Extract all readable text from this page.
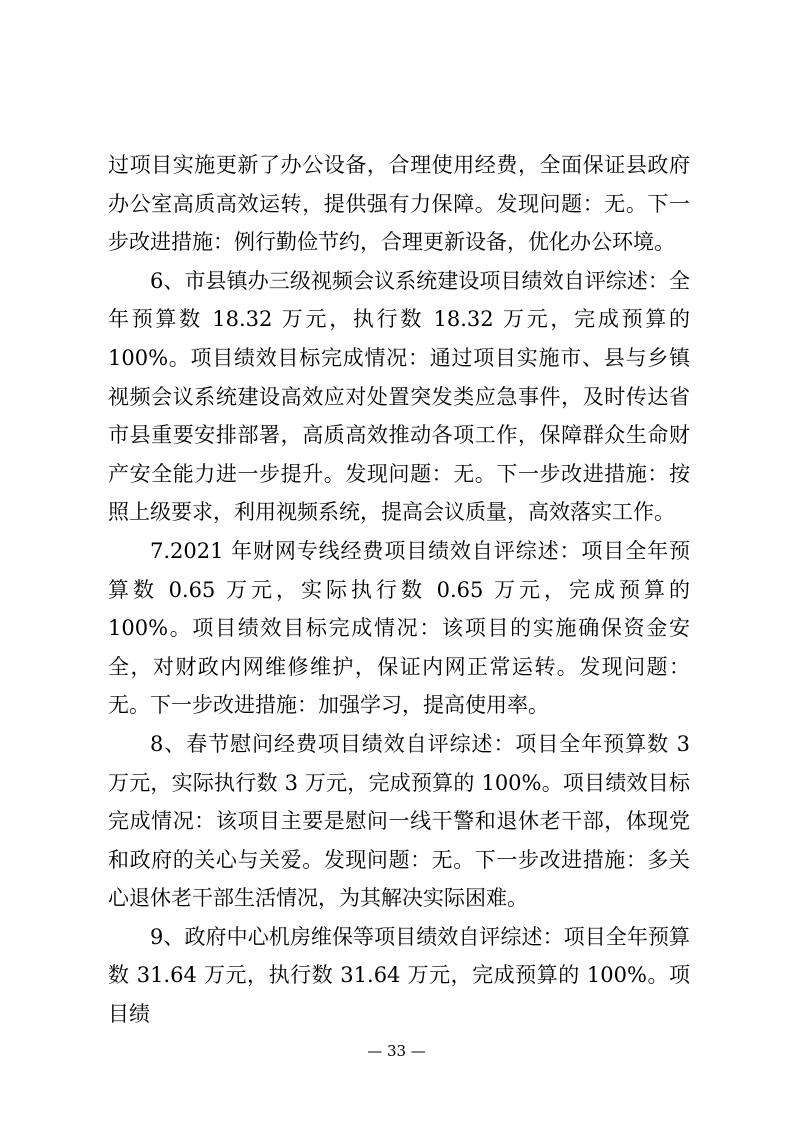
过项目实施更新了办公设备，合理使用经费，全面保证县政府办公室高质高效运转，提供强有力保障。发现问题：无。下一步改进措施：例行勤俭节约，合理更新设备，优化办公环境。

6、市县镇办三级视频会议系统建设项目绩效自评综述：全年预算数 18.32 万元，执行数 18.32 万元，完成预算的 100%。项目绩效目标完成情况：通过项目实施市、县与乡镇视频会议系统建设高效应对处置突发类应急事件，及时传达省市县重要安排部署，高质高效推动各项工作，保障群众生命财产安全能力进一步提升。发现问题：无。下一步改进措施：按照上级要求，利用视频系统，提高会议质量，高效落实工作。

7.2021 年财网专线经费项目绩效自评综述：项目全年预算数 0.65 万元，实际执行数 0.65 万元，完成预算的 100%。项目绩效目标完成情况：该项目的实施确保资金安全，对财政内网维修维护，保证内网正常运转。发现问题：无。下一步改进措施：加强学习，提高使用率。

8、春节慰问经费项目绩效自评综述：项目全年预算数 3 万元，实际执行数 3 万元，完成预算的 100%。项目绩效目标完成情况：该项目主要是慰问一线干警和退休老干部，体现党和政府的关心与关爱。发现问题：无。下一步改进措施：多关心退休老干部生活情况，为其解决实际困难。

9、政府中心机房维保等项目绩效自评综述：项目全年预算数 31.64 万元，执行数 31.64 万元，完成预算的 100%。项目绩

— 33 —
